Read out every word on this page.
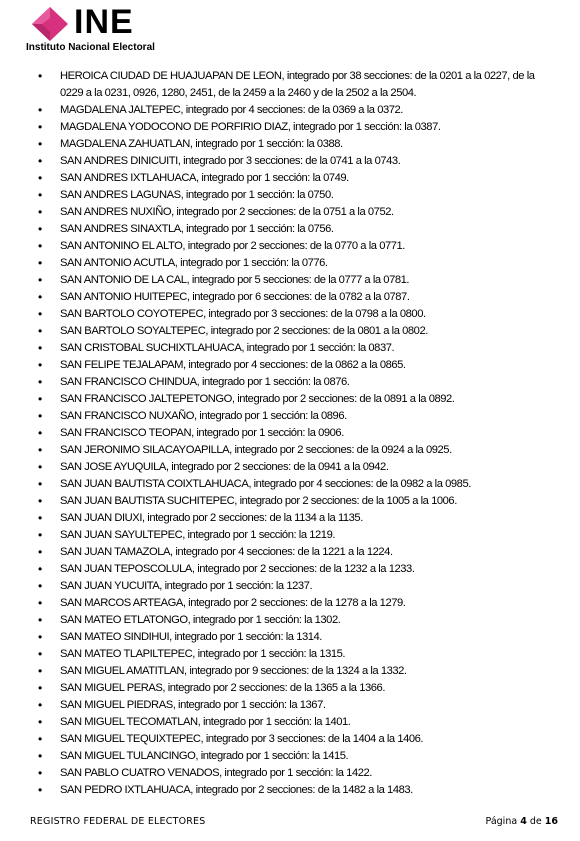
INE
Instituto Nacional Electoral
• HEROICA CIUDAD DE HUAJUAPAN DE LEON, integrado por 38 secciones: de la 0201 a la 0227, de la 0229 a la 0231, 0926, 1280, 2451, de la 2459 a la 2460 y de la 2502 a la 2504.
• MAGDALENA JALTEPEC, integrado por 4 secciones: de la 0369 a la 0372.
• MAGDALENA YODOCONO DE PORFIRIO DIAZ, integrado por 1 sección: la 0387.
• MAGDALENA ZAHUATLAN, integrado por 1 sección: la 0388.
• SAN ANDRES DINICUITI, integrado por 3 secciones: de la 0741 a la 0743.
• SAN ANDRES IXTLAHUACA, integrado por 1 sección: la 0749.
• SAN ANDRES LAGUNAS, integrado por 1 sección: la 0750.
• SAN ANDRES NUXIÑO, integrado por 2 secciones: de la 0751 a la 0752.
• SAN ANDRES SINAXTLA, integrado por 1 sección: la 0756.
• SAN ANTONINO EL ALTO, integrado por 2 secciones: de la 0770 a la 0771.
• SAN ANTONIO ACUTLA, integrado por 1 sección: la 0776.
• SAN ANTONIO DE LA CAL, integrado por 5 secciones: de la 0777 a la 0781.
• SAN ANTONIO HUITEPEC, integrado por 6 secciones: de la 0782 a la 0787.
• SAN BARTOLO COYOTEPEC, integrado por 3 secciones: de la 0798 a la 0800.
• SAN BARTOLO SOYALTEPEC, integrado por 2 secciones: de la 0801 a la 0802.
• SAN CRISTOBAL SUCHIXTLAHUACA, integrado por 1 sección: la 0837.
• SAN FELIPE TEJALAPAM, integrado por 4 secciones: de la 0862 a la 0865.
• SAN FRANCISCO CHINDUA, integrado por 1 sección: la 0876.
• SAN FRANCISCO JALTEPETONGO, integrado por 2 secciones: de la 0891 a la 0892.
• SAN FRANCISCO NUXAÑO, integrado por 1 sección: la 0896.
• SAN FRANCISCO TEOPAN, integrado por 1 sección: la 0906.
• SAN JERONIMO SILACAYOAPILLA, integrado por 2 secciones: de la 0924 a la 0925.
• SAN JOSE AYUQUILA, integrado por 2 secciones: de la 0941 a la 0942.
• SAN JUAN BAUTISTA COIXTLAHUACA, integrado por 4 secciones: de la 0982 a la 0985.
• SAN JUAN BAUTISTA SUCHITEPEC, integrado por 2 secciones: de la 1005 a la 1006.
• SAN JUAN DIUXI, integrado por 2 secciones: de la 1134 a la 1135.
• SAN JUAN SAYULTEPEC, integrado por 1 sección: la 1219.
• SAN JUAN TAMAZOLA, integrado por 4 secciones: de la 1221 a la 1224.
• SAN JUAN TEPOSCOLULA, integrado por 2 secciones: de la 1232 a la 1233.
• SAN JUAN YUCUITA, integrado por 1 sección: la 1237.
• SAN MARCOS ARTEAGA, integrado por 2 secciones: de la 1278 a la 1279.
• SAN MATEO ETLATONGO, integrado por 1 sección: la 1302.
• SAN MATEO SINDIHUI, integrado por 1 sección: la 1314.
• SAN MATEO TLAPILTEPEC, integrado por 1 sección: la 1315.
• SAN MIGUEL AMATITLAN, integrado por 9 secciones: de la 1324 a la 1332.
• SAN MIGUEL PERAS, integrado por 2 secciones: de la 1365 a la 1366.
• SAN MIGUEL PIEDRAS, integrado por 1 sección: la 1367.
• SAN MIGUEL TECOMATLAN, integrado por 1 sección: la 1401.
• SAN MIGUEL TEQUIXTEPEC, integrado por 3 secciones: de la 1404 a la 1406.
• SAN MIGUEL TULANCINGO, integrado por 1 sección: la 1415.
• SAN PABLO CUATRO VENADOS, integrado por 1 sección: la 1422.
• SAN PEDRO IXTLAHUACA, integrado por 2 secciones: de la 1482 a la 1483.
REGISTRO FEDERAL DE ELECTORES	Página 4 de 16
